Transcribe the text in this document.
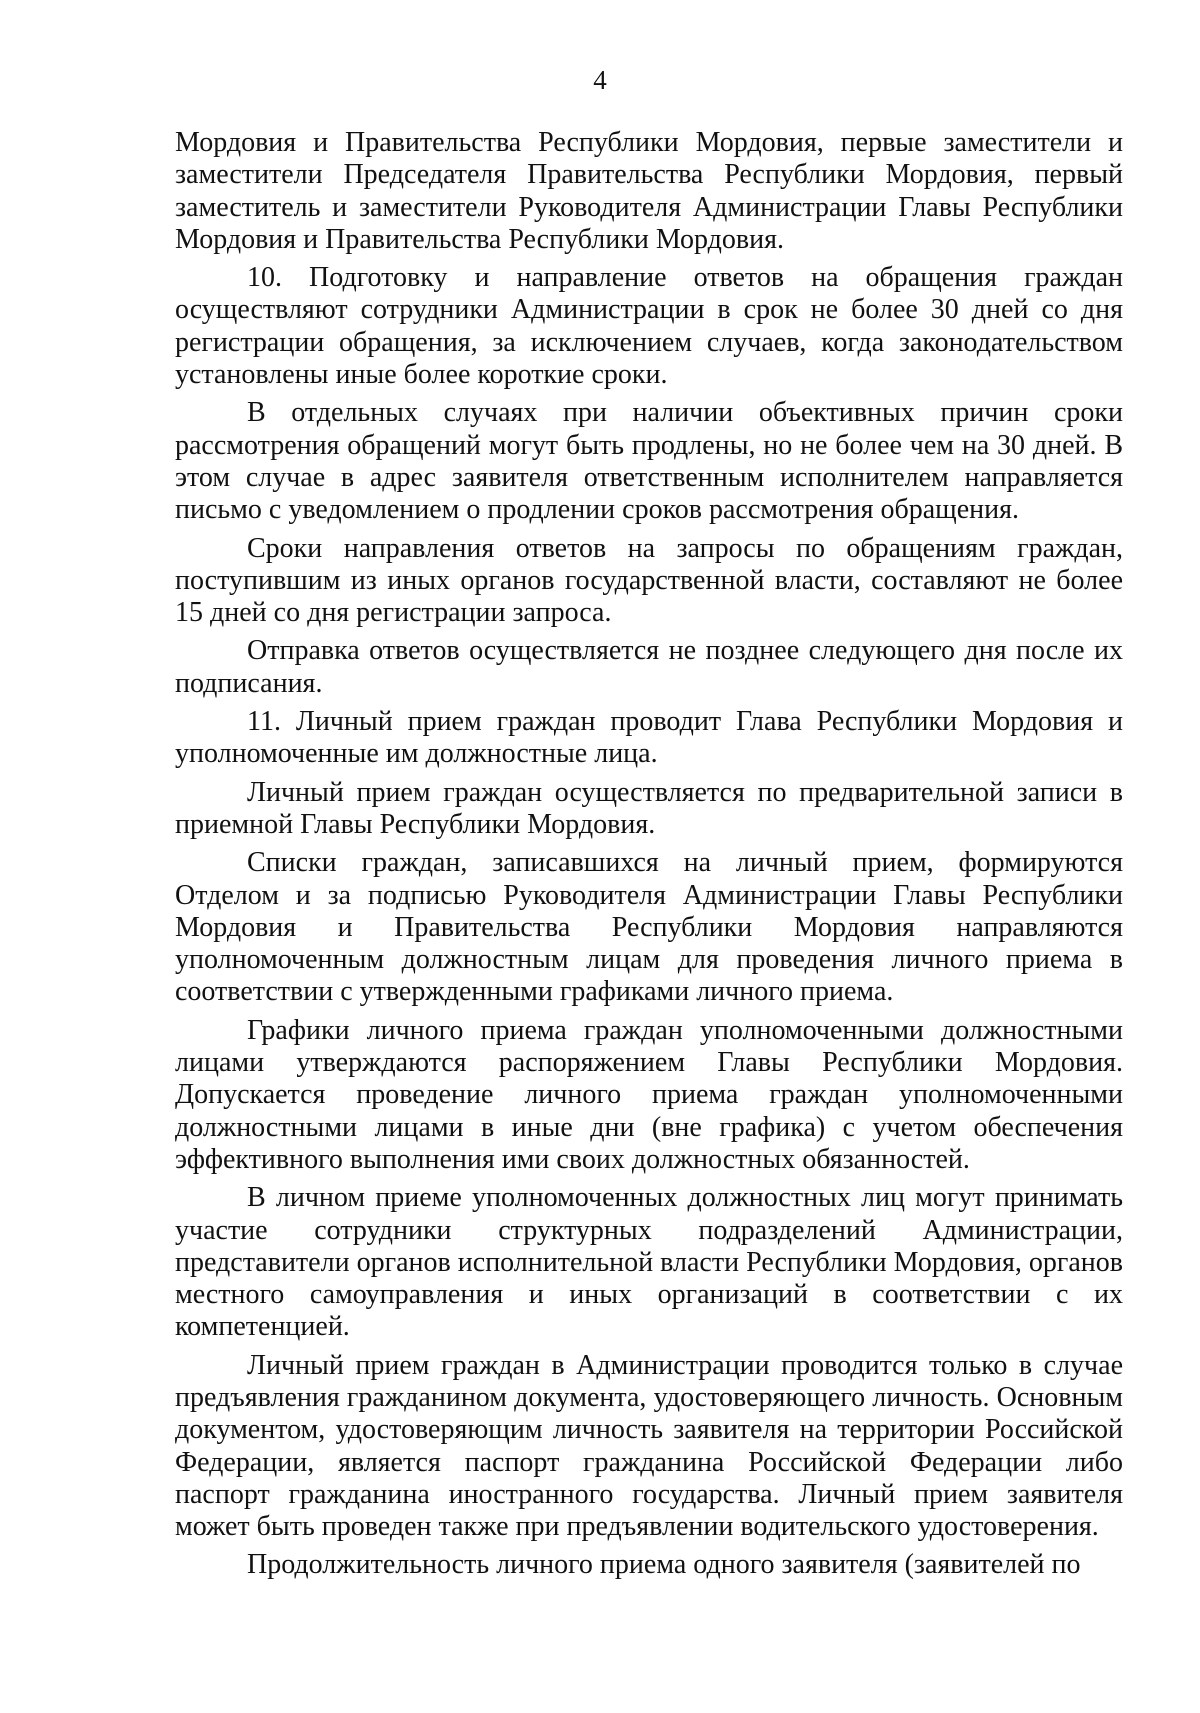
4

Мордовия и Правительства Республики Мордовия, первые заместители и заместители Председателя Правительства Республики Мордовия, первый заместитель и заместители Руководителя Администрации Главы Республики Мордовия и Правительства Республики Мордовия.

10. Подготовку и направление ответов на обращения граждан осуществляют сотрудники Администрации в срок не более 30 дней со дня регистрации обращения, за исключением случаев, когда законодательством установлены иные более короткие сроки.

В отдельных случаях при наличии объективных причин сроки рассмотрения обращений могут быть продлены, но не более чем на 30 дней. В этом случае в адрес заявителя ответственным исполнителем направляется письмо с уведомлением о продлении сроков рассмотрения обращения.

Сроки направления ответов на запросы по обращениям граждан, поступившим из иных органов государственной власти, составляют не более 15 дней со дня регистрации запроса.

Отправка ответов осуществляется не позднее следующего дня после их подписания.

11. Личный прием граждан проводит Глава Республики Мордовия и уполномоченные им должностные лица.

Личный прием граждан осуществляется по предварительной записи в приемной Главы Республики Мордовия.

Списки граждан, записавшихся на личный прием, формируются Отделом и за подписью Руководителя Администрации Главы Республики Мордовия и Правительства Республики Мордовия направляются уполномоченным должностным лицам для проведения личного приема в соответствии с утвержденными графиками личного приема.

Графики личного приема граждан уполномоченными должностными лицами утверждаются распоряжением Главы Республики Мордовия. Допускается проведение личного приема граждан уполномоченными должностными лицами в иные дни (вне графика) с учетом обеспечения эффективного выполнения ими своих должностных обязанностей.

В личном приеме уполномоченных должностных лиц могут принимать участие сотрудники структурных подразделений Администрации, представители органов исполнительной власти Республики Мордовия, органов местного самоуправления и иных организаций в соответствии с их компетенцией.

Личный прием граждан в Администрации проводится только в случае предъявления гражданином документа, удостоверяющего личность. Основным документом, удостоверяющим личность заявителя на территории Российской Федерации, является паспорт гражданина Российской Федерации либо паспорт гражданина иностранного государства. Личный прием заявителя может быть проведен также при предъявлении водительского удостоверения.

Продолжительность личного приема одного заявителя (заявителей по
